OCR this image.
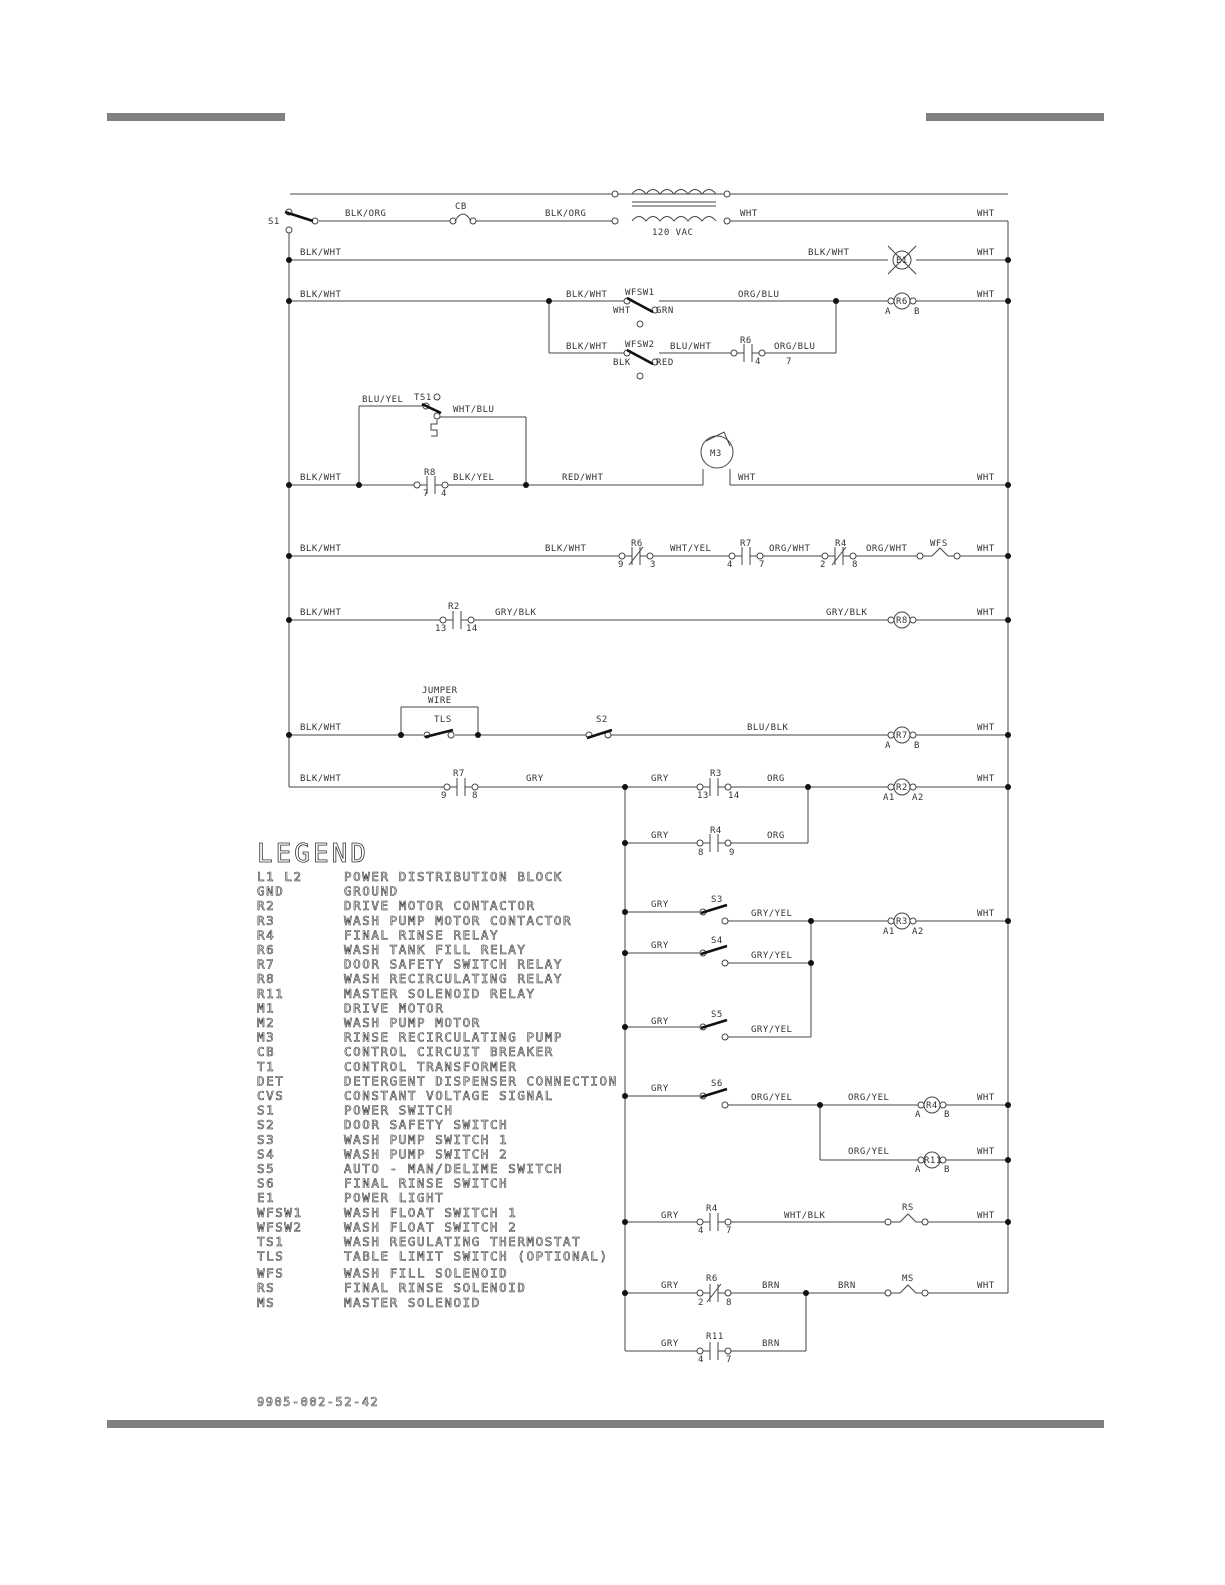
S1
CB
120 VAC
E1
R6
WFSW1
WFSW2	R6
TS1
R8
M3
R6	R7	R4	WFS
R2
R8
JUMPER
WIRE
TLS	S2
R7
R7	R3
R2
R4
S3
R3
S4
S5
S6
R4
R11
R4	RS
R6	MS
R11
BLK/ORG	BLK/ORG	WHT	WHT
BLK/WHT	BLK/WHT	WHT
BLK/WHT	BLK/WHT	ORG/BLU	WHT
WHT	GRN
BLK/WHT	BLU/WHT	ORG/BLU
BLK	RED
BLU/YEL
WHT/BLU
BLK/WHT	BLK/YEL	RED/WHT	WHT	WHT
BLK/WHT	BLK/WHT	WHT/YEL	ORG/WHT	ORG/WHT	WHT
BLK/WHT	GRY/BLK	GRY/BLK	WHT
BLK/WHT	BLU/BLK	WHT
BLK/WHT	GRY	GRY	ORG	WHT
GRY	ORG
GRY
GRY/YEL	WHT
GRY
GRY/YEL
GRY
GRY/YEL
GRY
ORG/YEL	ORG/YEL	WHT
ORG/YEL	WHT
GRY	WHT/BLK	WHT
GRY	BRN	BRN	WHT
GRY	BRN
4	7
7 4
9	3	4	7	2	8
13 14
9	8	13 14
8	9
4 7
2 8
4 7
A	B
A	B
A1 A2
A1 A2
A	B
A	B
LEGEND
L1 L2	POWER DISTRIBUTION BLOCK
GND	GROUND
R2	DRIVE MOTOR CONTACTOR
R3	WASH PUMP MOTOR CONTACTOR
R4	FINAL RINSE RELAY
R6	WASH TANK FILL RELAY
R7	DOOR SAFETY SWITCH RELAY
R8	WASH RECIRCULATING RELAY
R11	MASTER SOLENOID RELAY
M1	DRIVE MOTOR
M2	WASH PUMP MOTOR
M3	RINSE RECIRCULATING PUMP
CB	CONTROL CIRCUIT BREAKER
T1	CONTROL TRANSFORMER
DET	DETERGENT DISPENSER CONNECTION
CVS	CONSTANT VOLTAGE SIGNAL
S1	POWER SWITCH
S2	DOOR SAFETY SWITCH
S3	WASH PUMP SWITCH 1
S4	WASH PUMP SWITCH 2
S5	AUTO - MAN/DELIME SWITCH
S6	FINAL RINSE SWITCH
E1	POWER LIGHT
WFSW1	WASH FLOAT SWITCH 1
WFSW2	WASH FLOAT SWITCH 2
TS1	WASH REGULATING THERMOSTAT
TLS	TABLE LIMIT SWITCH (OPTIONAL)
WFS	WASH FILL SOLENOID
RS	FINAL RINSE SOLENOID
MS	MASTER SOLENOID
9905-002-52-42
